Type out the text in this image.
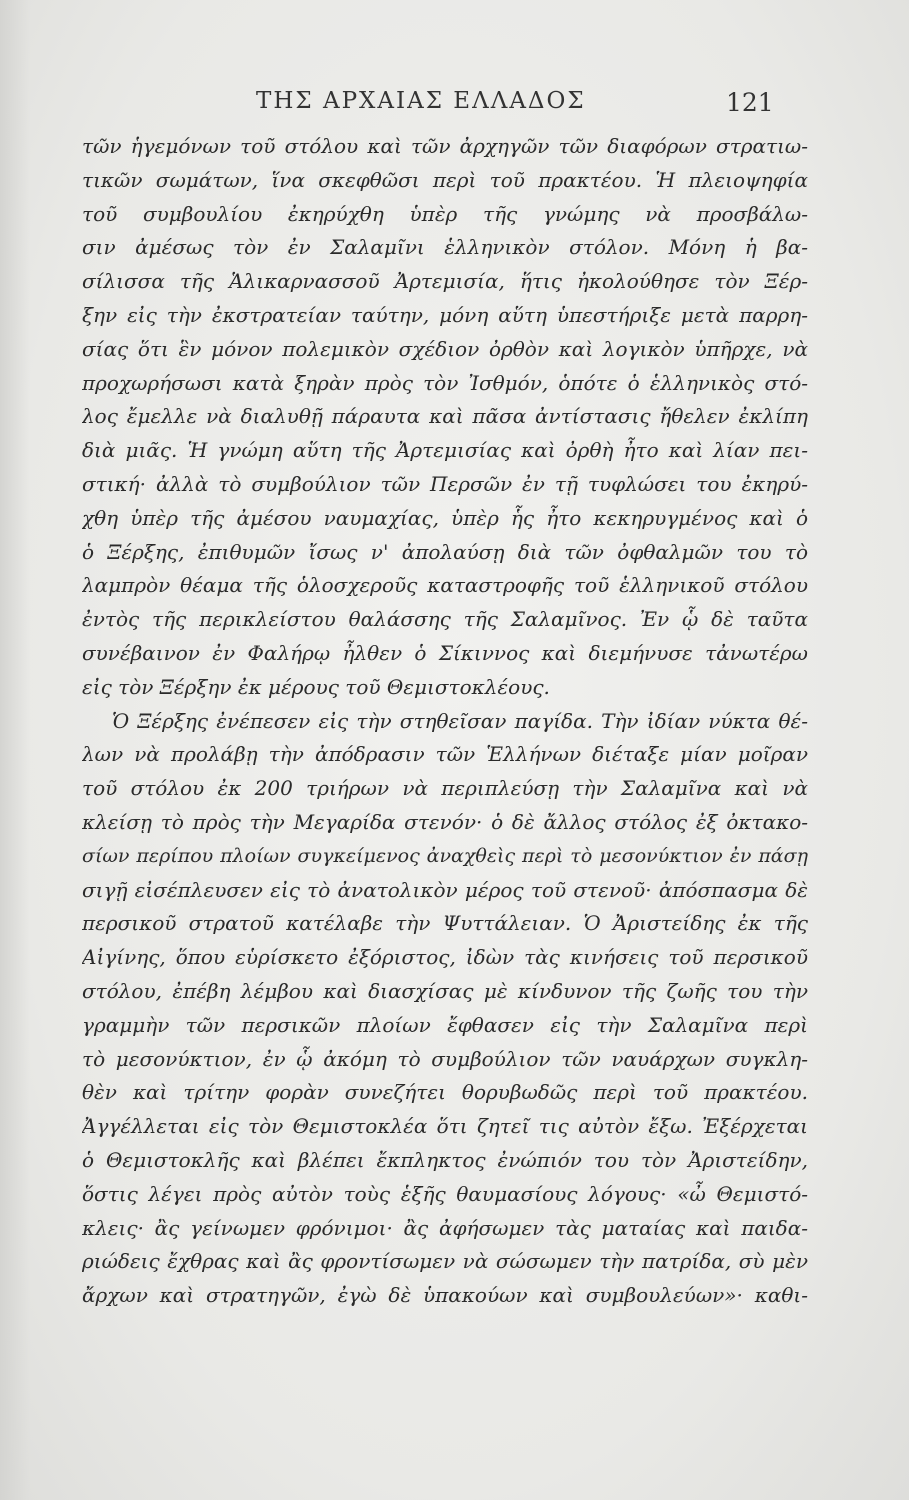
ΤΗΣ ΑΡΧΑΙΑΣ ΕΛΛΑΔΟΣ	121
τῶν ἡγεμόνων τοῦ στόλου καὶ τῶν ἀρχηγῶν τῶν διαφόρων στρατιω-
τικῶν σωμάτων, ἵνα σκεφθῶσι περὶ τοῦ πρακτέου. Ἡ πλειοψηφία
τοῦ συμβουλίου ἐκηρύχθη ὑπὲρ τῆς γνώμης νὰ προσβάλω-
σιν ἀμέσως τὸν ἐν Σαλαμῖνι ἑλληνικὸν στόλον. Μόνη ἡ βα-
σίλισσα τῆς Ἁλικαρνασσοῦ Ἀρτεμισία, ἥτις ἠκολούθησε τὸν Ξέρ-
ξην εἰς τὴν ἐκστρατείαν ταύτην, μόνη αὕτη ὑπεστήριξε μετὰ παρρη-
σίας ὅτι ἓν μόνον πολεμικὸν σχέδιον ὀρθὸν καὶ λογικὸν ὑπῆρχε, νὰ
προχωρήσωσι κατὰ ξηρὰν πρὸς τὸν Ἰσθμόν, ὁπότε ὁ ἑλληνικὸς στό-
λος ἔμελλε νὰ διαλυθῇ πάραυτα καὶ πᾶσα ἀντίστασις ἤθελεν ἐκλίπη
διὰ μιᾶς. Ἡ γνώμη αὕτη τῆς Ἀρτεμισίας καὶ ὀρθὴ ἦτο καὶ λίαν πει-
στική· ἀλλὰ τὸ συμβούλιον τῶν Περσῶν ἐν τῇ τυφλώσει του ἐκηρύ-
χθη ὑπὲρ τῆς ἀμέσου ναυμαχίας, ὑπὲρ ἧς ἦτο κεκηρυγμένος καὶ ὁ
ὁ Ξέρξης, ἐπιθυμῶν ἴσως ν' ἀπολαύσῃ διὰ τῶν ὀφθαλμῶν του τὸ
λαμπρὸν θέαμα τῆς ὁλοσχεροῦς καταστροφῆς τοῦ ἑλληνικοῦ στόλου
ἐντὸς τῆς περικλείστου θαλάσσης τῆς Σαλαμῖνος. Ἐν ᾧ δὲ ταῦτα
συνέβαινον ἐν Φαλήρῳ ἦλθεν ὁ Σίκιννος καὶ διεμήνυσε τἀνωτέρω
εἰς τὸν Ξέρξην ἐκ μέρους τοῦ Θεμιστοκλέους.
Ὁ Ξέρξης ἐνέπεσεν εἰς τὴν στηθεῖσαν παγίδα. Τὴν ἰδίαν νύκτα θέ-
λων νὰ προλάβῃ τὴν ἀπόδρασιν τῶν Ἑλλήνων διέταξε μίαν μοῖραν
τοῦ στόλου ἐκ 200 τριήρων νὰ περιπλεύσῃ τὴν Σαλαμῖνα καὶ νὰ
κλείσῃ τὸ πρὸς τὴν Μεγαρίδα στενόν· ὁ δὲ ἄλλος στόλος ἐξ ὀκτακο-
σίων περίπου πλοίων συγκείμενος ἀναχθεὶς περὶ τὸ μεσονύκτιον ἐν πάσῃ
σιγῇ εἰσέπλευσεν εἰς τὸ ἀνατολικὸν μέρος τοῦ στενοῦ· ἀπόσπασμα δὲ
περσικοῦ στρατοῦ κατέλαβε τὴν Ψυττάλειαν. Ὁ Ἀριστείδης ἐκ τῆς
Αἰγίνης, ὅπου εὑρίσκετο ἐξόριστος, ἰδὼν τὰς κινήσεις τοῦ περσικοῦ
στόλου, ἐπέβη λέμβου καὶ διασχίσας μὲ κίνδυνον τῆς ζωῆς του τὴν
γραμμὴν τῶν περσικῶν πλοίων ἔφθασεν εἰς τὴν Σαλαμῖνα περὶ
τὸ μεσονύκτιον, ἐν ᾧ ἀκόμη τὸ συμβούλιον τῶν ναυάρχων συγκλη-
θὲν καὶ τρίτην φορὰν συνεζήτει θορυβωδῶς περὶ τοῦ πρακτέου.
Ἀγγέλλεται εἰς τὸν Θεμιστοκλέα ὅτι ζητεῖ τις αὐτὸν ἔξω. Ἐξέρχεται
ὁ Θεμιστοκλῆς καὶ βλέπει ἔκπληκτος ἐνώπιόν του τὸν Ἀριστείδην,
ὅστις λέγει πρὸς αὐτὸν τοὺς ἑξῆς θαυμασίους λόγους· «ὦ Θεμιστό-
κλεις· ἂς γείνωμεν φρόνιμοι· ἂς ἀφήσωμεν τὰς ματαίας καὶ παιδα-
ριώδεις ἔχθρας καὶ ἂς φροντίσωμεν νὰ σώσωμεν τὴν πατρίδα, σὺ μὲν
ἄρχων καὶ στρατηγῶν, ἐγὼ δὲ ὑπακούων καὶ συμβουλεύων»· καθι-
